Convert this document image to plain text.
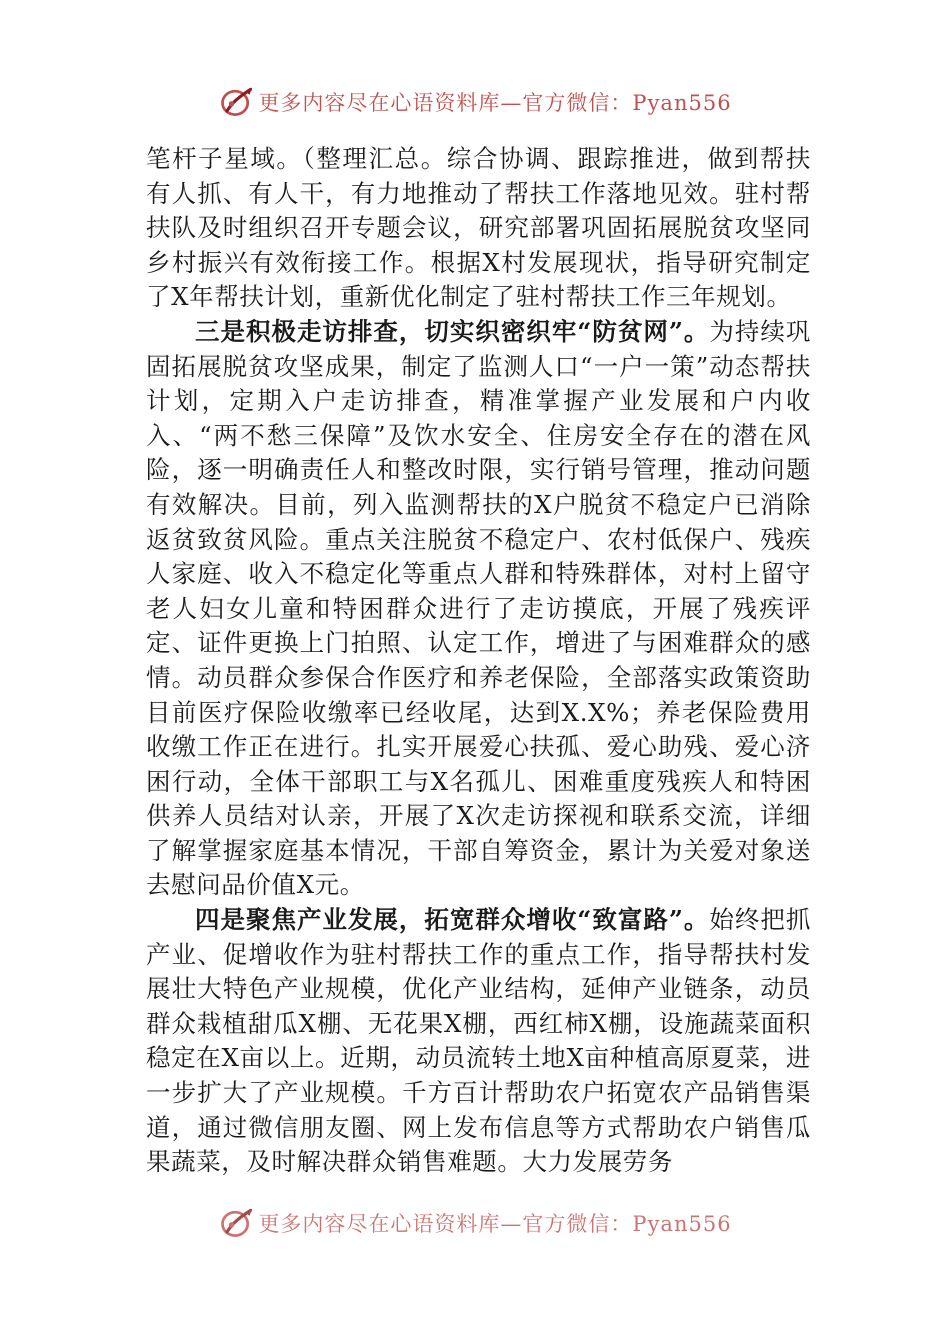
更多内容尽在心语资料库—官方微信：Pyan556

笔杆子星域。（整理汇总。综合协调、跟踪推进，做到帮扶有人抓、有人干，有力地推动了帮扶工作落地见效。驻村帮扶队及时组织召开专题会议，研究部署巩固拓展脱贫攻坚同乡村振兴有效衔接工作。根据X村发展现状，指导研究制定了X年帮扶计划，重新优化制定了驻村帮扶工作三年规划。

三是积极走访排查，切实织密织牢“防贫网”。为持续巩固拓展脱贫攻坚成果，制定了监测人口“一户一策”动态帮扶计划，定期入户走访排查，精准掌握产业发展和户内收入、“两不愁三保障”及饮水安全、住房安全存在的潜在风险，逐一明确责任人和整改时限，实行销号管理，推动问题有效解决。目前，列入监测帮扶的X户脱贫不稳定户已消除返贫致贫风险。重点关注脱贫不稳定户、农村低保户、残疾人家庭、收入不稳定化等重点人群和特殊群体，对村上留守老人妇女儿童和特困群众进行了走访摸底，开展了残疾评定、证件更换上门拍照、认定工作，增进了与困难群众的感情。动员群众参保合作医疗和养老保险，全部落实政策资助目前医疗保险收缴率已经收尾，达到X.X%；养老保险费用收缴工作正在进行。扎实开展爱心扶孤、爱心助残、爱心济困行动，全体干部职工与X名孤儿、困难重度残疾人和特困供养人员结对认亲，开展了X次走访探视和联系交流，详细了解掌握家庭基本情况，干部自筹资金，累计为关爱对象送去慰问品价值X元。

四是聚焦产业发展，拓宽群众增收“致富路”。始终把抓产业、促增收作为驻村帮扶工作的重点工作，指导帮扶村发展壮大特色产业规模，优化产业结构，延伸产业链条，动员群众栽植甜瓜X棚、无花果X棚，西红柿X棚，设施蔬菜面积稳定在X亩以上。近期，动员流转土地X亩种植高原夏菜，进一步扩大了产业规模。千方百计帮助农户拓宽农产品销售渠道，通过微信朋友圈、网上发布信息等方式帮助农户销售瓜果蔬菜，及时解决群众销售难题。大力发展劳务

更多内容尽在心语资料库—官方微信：Pyan556
